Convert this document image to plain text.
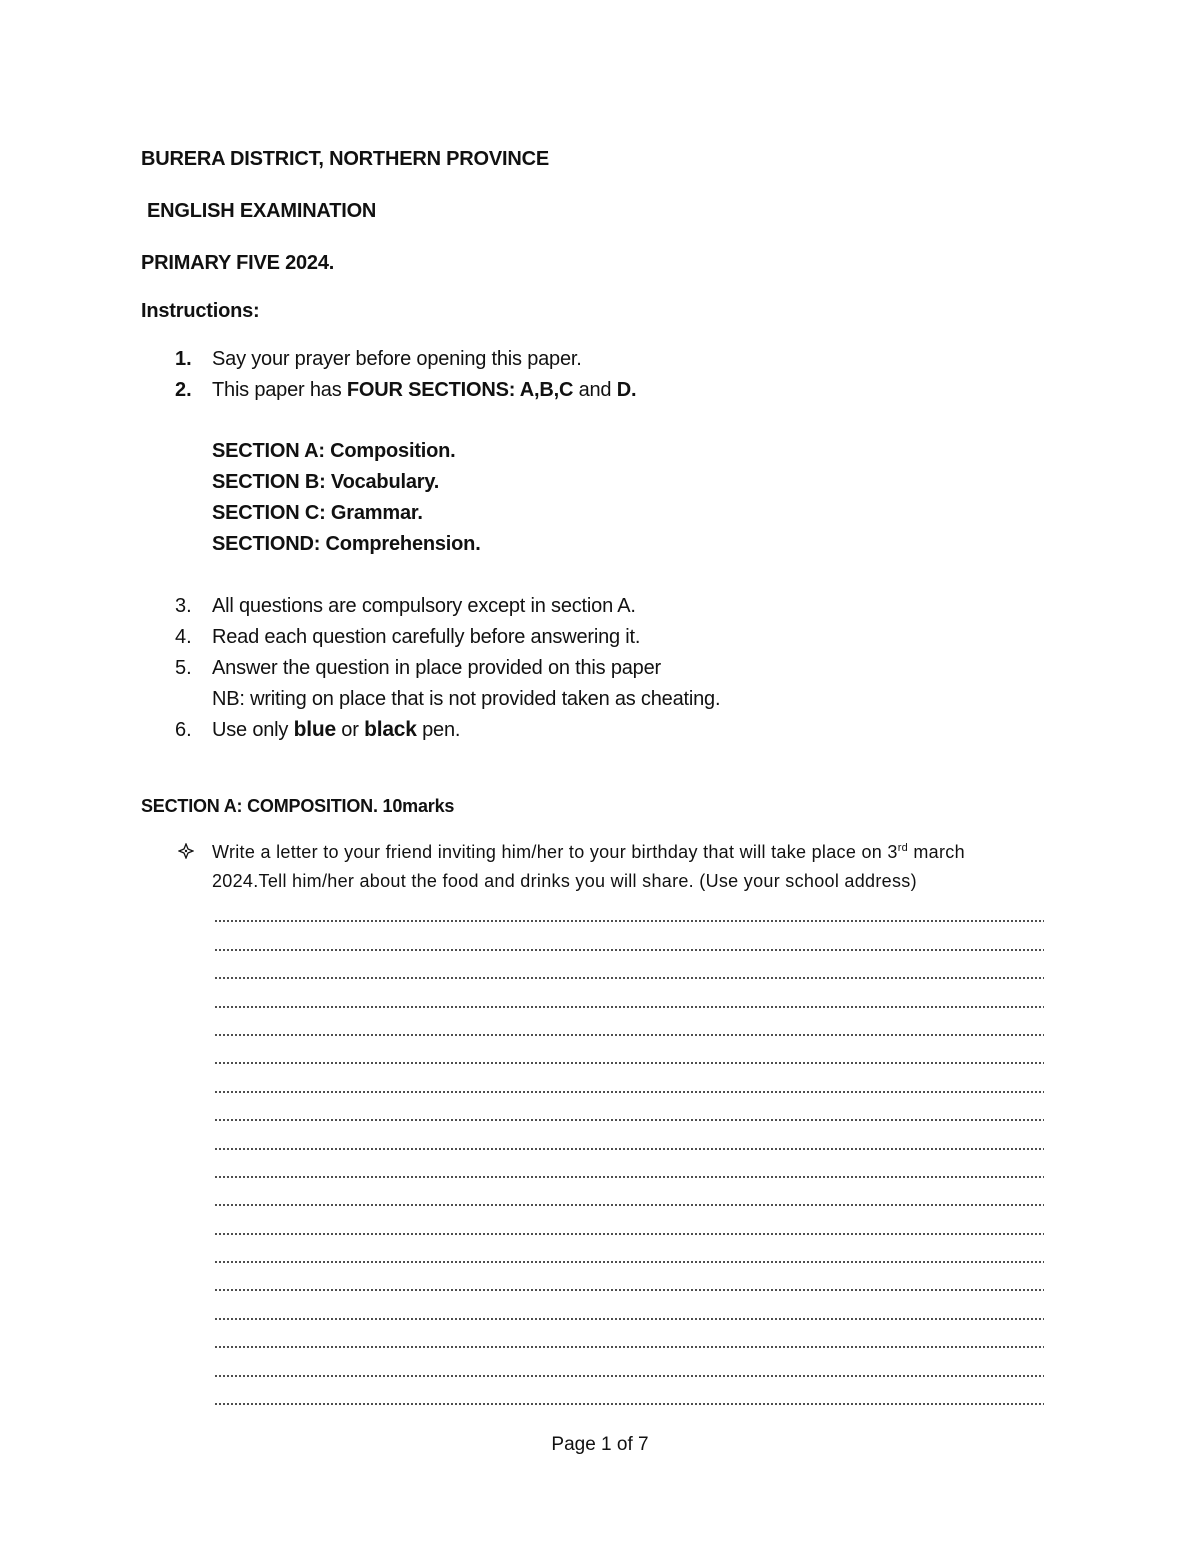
BURERA DISTRICT, NORTHERN PROVINCE
ENGLISH EXAMINATION
PRIMARY FIVE 2024.
Instructions:
1. Say your prayer before opening this paper.
2. This paper has FOUR SECTIONS: A,B,C and D.
SECTION A: Composition.
SECTION B: Vocabulary.
SECTION C: Grammar.
SECTIOND: Comprehension.
3. All questions are compulsory except in section A.
4. Read each question carefully before answering it.
5. Answer the question in place provided on this paper
NB: writing on place that is not provided taken as cheating.
6. Use only blue or black pen.
SECTION A: COMPOSITION. 10marks
Write a letter to your friend inviting him/her to your birthday that will take place on 3rd march
2024.Tell him/her about the food and drinks you will share. (Use your school address)
Page 1 of 7
